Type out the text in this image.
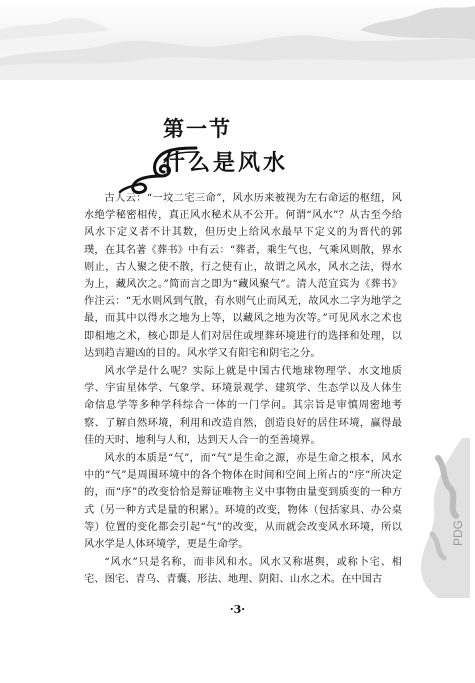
第一节
什么是风水

古人云：“一坟二宅三命”，风水历来被视为左右命运的枢纽，风水绝学秘密相传，真正风水秘术从不公开。何谓“风水”？从古至今给风水下定义者不计其数，但历史上给风水最早下定义的为晋代的郭璞，在其名著《葬书》中有云：“葬者，乘生气也，气乘风则散，界水则止，古人聚之使不散，行之使有止，故谓之风水，风水之法，得水为上，藏风次之。”简而言之即为“藏风聚气”。清人范宜宾为《葬书》作注云：“无水则风到气散，有水则气止而风无，故风水二字为地学之最，而其中以得水之地为上等，以藏风之地为次等。”可见风水之术也即相地之术，核心即是人们对居住或埋葬环境进行的选择和处理，以达到趋吉避凶的目的。风水学又有阳宅和阴宅之分。

风水学是什么呢？实际上就是中国古代地球物理学、水文地质学、宇宙星体学、气象学、环境景观学、建筑学、生态学以及人体生命信息学等多种学科综合一体的一门学问。其宗旨是审慎周密地考察、了解自然环境，利用和改造自然，创造良好的居住环境，赢得最佳的天时、地利与人和，达到天人合一的至善境界。

风水的本质是“气”，而“气”是生命之源，亦是生命之根本，风水中的“气”是周围环境中的各个物体在时间和空间上所占的“序”所决定的，而“序”的改变恰恰是辩证唯物主义中事物由量变到质变的一种方式（另一种方式是量的积累）。环境的改变，物体（包括家具、办公桌等）位置的变化都会引起“气”的改变，从而就会改变风水环境，所以风水学是人体环境学，更是生命学。

“风水”只是名称，而非风和水。风水又称堪舆，或称卜宅、相宅、图宅、青乌、青囊、形法、地理、阴阳、山水之术。在中国古

PDG
·3·
